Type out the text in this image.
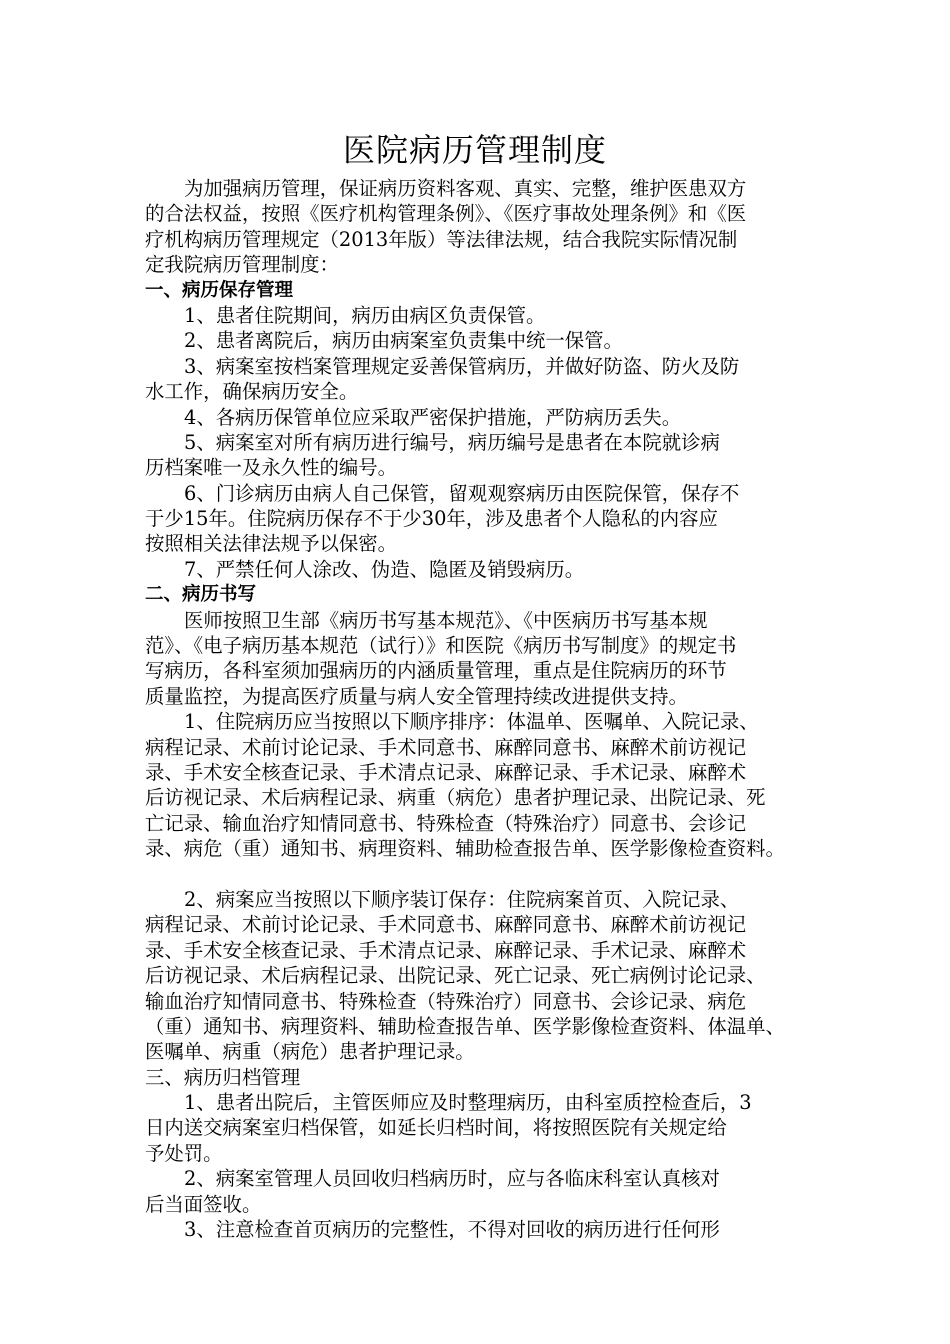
医院病历管理制度
为加强病历管理，保证病历资料客观、真实、完整，维护医患双方
的合法权益，按照《医疗机构管理条例》、《医疗事故处理条例》和《医
疗机构病历管理规定（2013年版）等法律法规，结合我院实际情况制
定我院病历管理制度：
一、病历保存管理
1、患者住院期间，病历由病区负责保管。
2、患者离院后，病历由病案室负责集中统一保管。
3、病案室按档案管理规定妥善保管病历，并做好防盗、防火及防
水工作，确保病历安全。
4、各病历保管单位应采取严密保护措施，严防病历丢失。
5、病案室对所有病历进行编号，病历编号是患者在本院就诊病
历档案唯一及永久性的编号。
6、门诊病历由病人自己保管，留观观察病历由医院保管，保存不
于少15年。住院病历保存不于少30年，涉及患者个人隐私的内容应
按照相关法律法规予以保密。
7、严禁任何人涂改、伪造、隐匿及销毁病历。
二、病历书写
医师按照卫生部《病历书写基本规范》、《中医病历书写基本规
范》、《电子病历基本规范（试行）》和医院《病历书写制度》的规定书
写病历，各科室须加强病历的内涵质量管理，重点是住院病历的环节
质量监控，为提高医疗质量与病人安全管理持续改进提供支持。
1、住院病历应当按照以下顺序排序：体温单、医嘱单、入院记录、
病程记录、术前讨论记录、手术同意书、麻醉同意书、麻醉术前访视记
录、手术安全核查记录、手术清点记录、麻醉记录、手术记录、麻醉术
后访视记录、术后病程记录、病重（病危）患者护理记录、出院记录、死
亡记录、输血治疗知情同意书、特殊检查（特殊治疗）同意书、会诊记
录、病危（重）通知书、病理资料、辅助检查报告单、医学影像检查资料。
2、病案应当按照以下顺序装订保存：住院病案首页、入院记录、
病程记录、术前讨论记录、手术同意书、麻醉同意书、麻醉术前访视记
录、手术安全核查记录、手术清点记录、麻醉记录、手术记录、麻醉术
后访视记录、术后病程记录、出院记录、死亡记录、死亡病例讨论记录、
输血治疗知情同意书、特殊检查（特殊治疗）同意书、会诊记录、病危
（重）通知书、病理资料、辅助检查报告单、医学影像检查资料、体温单、
医嘱单、病重（病危）患者护理记录。
三、病历归档管理
1、患者出院后，主管医师应及时整理病历，由科室质控检查后，3
日内送交病案室归档保管，如延长归档时间，将按照医院有关规定给
予处罚。
2、病案室管理人员回收归档病历时，应与各临床科室认真核对
后当面签收。
3、注意检查首页病历的完整性，不得对回收的病历进行任何形
